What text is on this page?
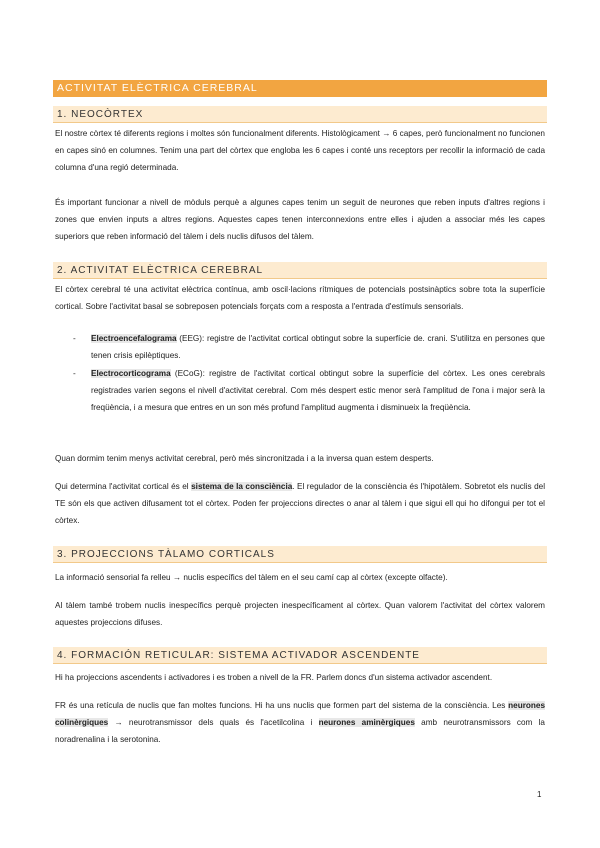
ACTIVITAT ELÈCTRICA CEREBRAL
1. NEOCÒRTEX

El nostre còrtex té diferents regions i moltes són funcionalment diferents. Histològicament → 6 capes, però funcionalment no funcionen en capes sinó en columnes. Tenim una part del còrtex que engloba les 6 capes i conté uns receptors per recollir la informació de cada columna d'una regió determinada.

És important funcionar a nivell de mòduls perquè a algunes capes tenim un seguit de neurones que reben inputs d'altres regions i zones que envien inputs a altres regions. Aquestes capes tenen interconnexions entre elles i ajuden a associar més les capes superiors que reben informació del tàlem i dels nuclis difusos del tàlem.

2. ACTIVITAT ELÈCTRICA CEREBRAL

El còrtex cerebral té una activitat elèctrica contínua, amb oscil·lacions rítmiques de potencials postsinàptics sobre tota la superfície cortical. Sobre l'activitat basal se sobreposen potencials forçats com a resposta a l'entrada d'estímuls sensorials.

- Electroencefalograma (EEG): registre de l'activitat cortical obtingut sobre la superfície de. crani. S'utilitza en persones que tenen crisis epilèptiques.

- Electrocorticograma (ECoG): registre de l'activitat cortical obtingut sobre la superfície del còrtex. Les ones cerebrals registrades varien segons el nivell d'activitat cerebral. Com més despert estic menor serà l'amplitud de l'ona i major serà la freqüència, i a mesura que entres en un son més profund l'amplitud augmenta i disminueix la freqüència.

Quan dormim tenim menys activitat cerebral, però més sincronitzada i a la inversa quan estem desperts.

Qui determina l'activitat cortical és el sistema de la consciència. El regulador de la consciència és l'hipotàlem. Sobretot els nuclis del TE són els que activen difusament tot el còrtex. Poden fer projeccions directes o anar al tàlem i que sigui ell qui ho difongui per tot el còrtex.

3. PROJECCIONS TÀLAMO CORTICALS

La informació sensorial fa relleu → nuclis específics del tàlem en el seu camí cap al còrtex (excepte olfacte).

Al tàlem també trobem nuclis inespecífics perquè projecten inespecíficament al còrtex. Quan valorem l'activitat del còrtex valorem aquestes projeccions difuses.

4. FORMACIÓN RETICULAR: SISTEMA ACTIVADOR ASCENDENTE

Hi ha projeccions ascendents i activadores i es troben a nivell de la FR. Parlem doncs d'un sistema activador ascendent.

FR és una retícula de nuclis que fan moltes funcions. Hi ha uns nuclis que formen part del sistema de la consciència. Les neurones colinèrgiques → neurotransmissor dels quals és l'acetilcolina i neurones aminèrgiques amb neurotransmissors com la noradrenalina i la serotonina.

1
